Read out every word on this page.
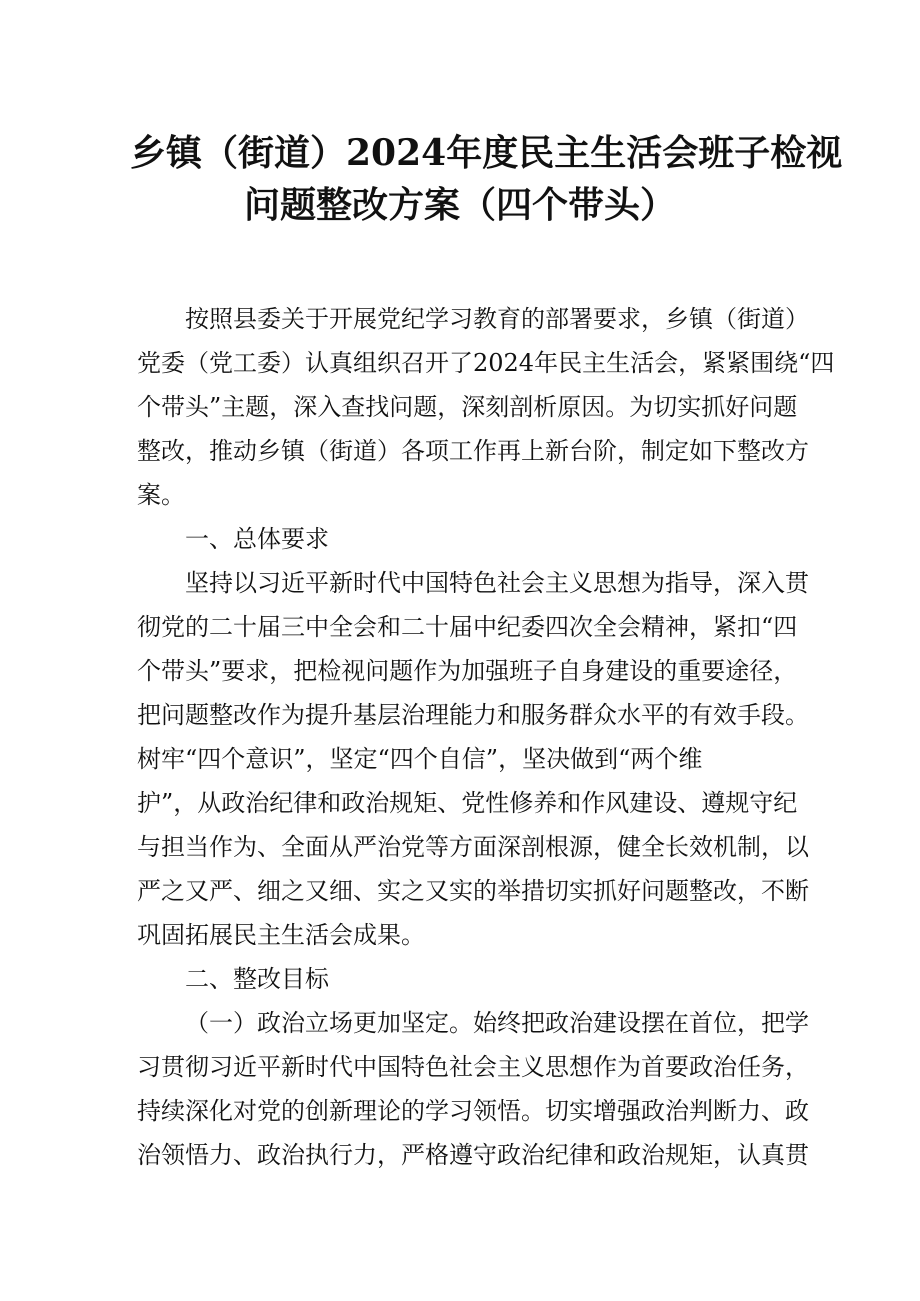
乡镇（街道）2024年度民主生活会班子检视
问题整改方案（四个带头）
按照县委关于开展党纪学习教育的部署要求，乡镇（街道）
党委（党工委）认真组织召开了2024年民主生活会，紧紧围绕“四
个带头”主题，深入查找问题，深刻剖析原因。为切实抓好问题
整改，推动乡镇（街道）各项工作再上新台阶，制定如下整改方
案。
一、总体要求
坚持以习近平新时代中国特色社会主义思想为指导，深入贯
彻党的二十届三中全会和二十届中纪委四次全会精神，紧扣“四
个带头”要求，把检视问题作为加强班子自身建设的重要途径，
把问题整改作为提升基层治理能力和服务群众水平的有效手段。
树牢“四个意识”，坚定“四个自信”，坚决做到“两个维
护”，从政治纪律和政治规矩、党性修养和作风建设、遵规守纪
与担当作为、全面从严治党等方面深剖根源，健全长效机制，以
严之又严、细之又细、实之又实的举措切实抓好问题整改，不断
巩固拓展民主生活会成果。
二、整改目标
（一）政治立场更加坚定。始终把政治建设摆在首位，把学
习贯彻习近平新时代中国特色社会主义思想作为首要政治任务，
持续深化对党的创新理论的学习领悟。切实增强政治判断力、政
治领悟力、政治执行力，严格遵守政治纪律和政治规矩，认真贯
